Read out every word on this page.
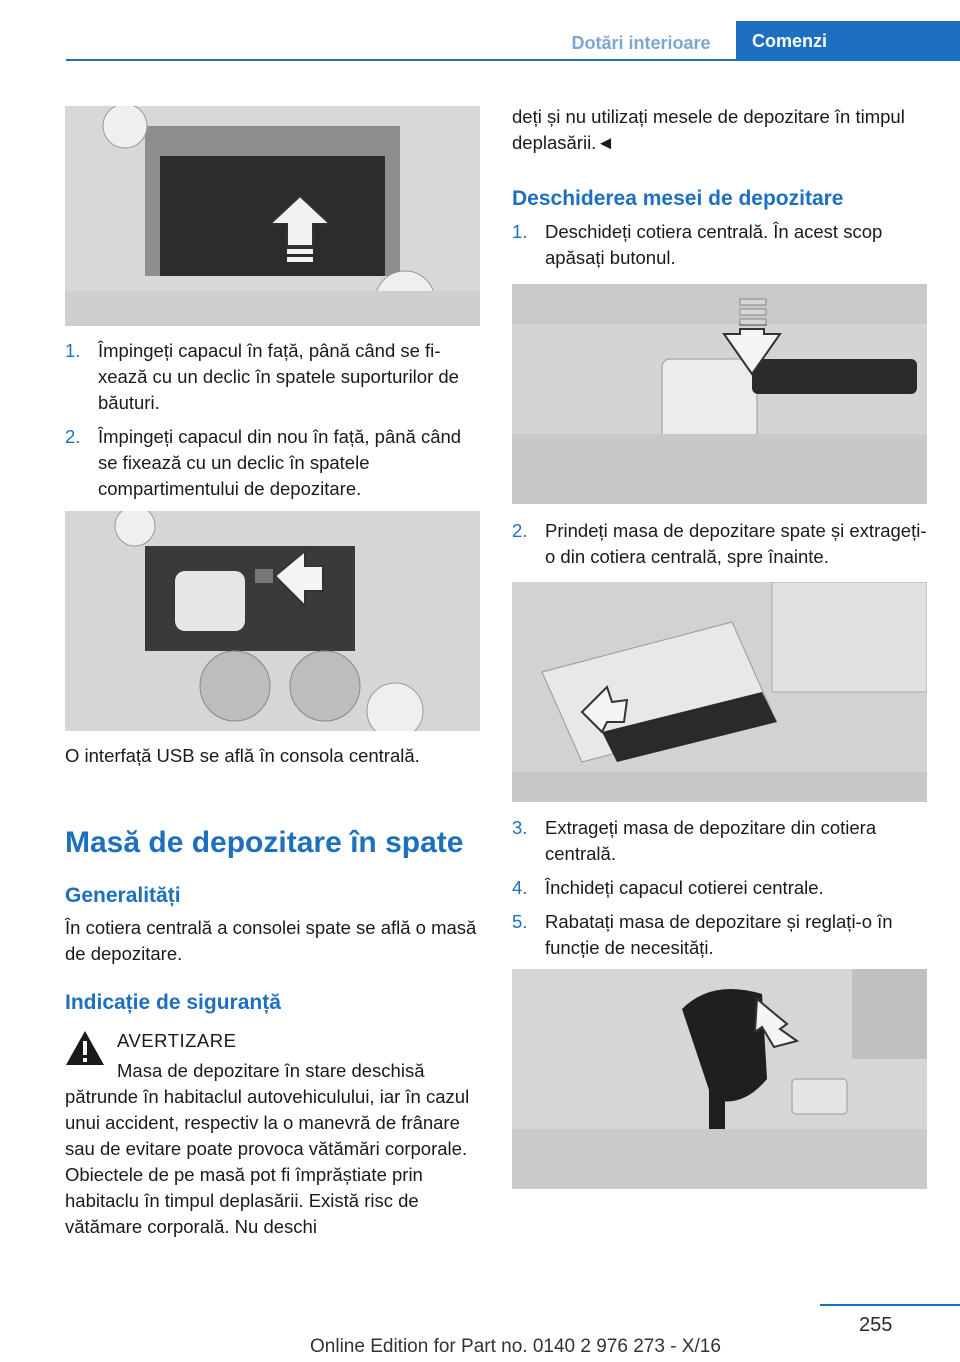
Dotări interioare	Comenzi
1. Împingeți capacul în față, până când se fixează cu un declic în spatele suporturilor de băuturi.
2. Împingeți capacul din nou în față, până când se fixează cu un declic în spatele compartimentului de depozitare.
O interfață USB se află în consola centrală.
Masă de depozitare în spate
Generalități
În cotiera centrală a consolei spate se află o masă de depozitare.
Indicație de siguranță

AVERTIZARE

Masa de depozitare în stare deschisă pătrunde în habitaclul autovehiculului, iar în cazul unui accident, respectiv la o manevră de frânare sau de evitare poate provoca vătămări corporale. Obiectele de pe masă pot fi împrăștiate prin habitaclu în timpul deplasării. Există risc de vătămare corporală. Nu deschi

deți și nu utilizați mesele de depozitare în timpul deplasării.◄
Deschiderea mesei de depozitare
1. Deschideți cotiera centrală. În acest scop apăsați butonul.
2. Prindeți masa de depozitare spate și extrageți-o din cotiera centrală, spre înainte.
3. Extrageți masa de depozitare din cotiera centrală.
4. Închideți capacul cotierei centrale.
5. Rabatați masa de depozitare și reglați-o în funcție de necesități.
255
Online Edition for Part no. 0140 2 976 273 - X/16
